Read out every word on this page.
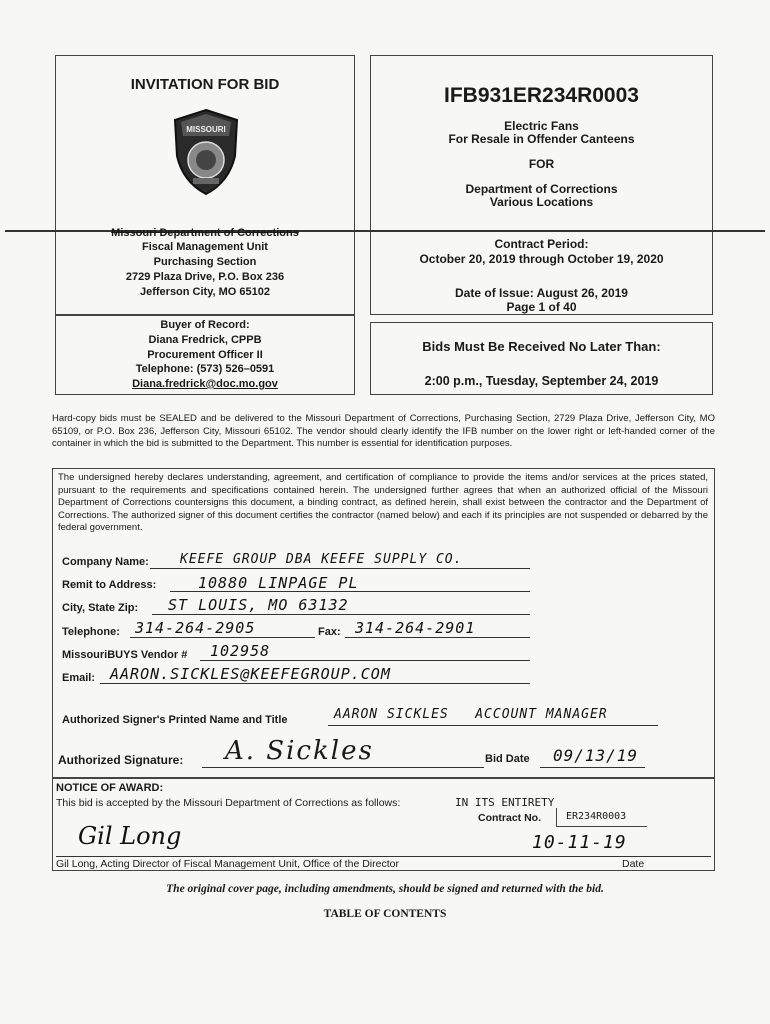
INVITATION FOR BID
MISSOURI
IFB931ER234R0003
Electric Fans
For Resale in Offender Canteens
FOR
Department of Corrections
Various Locations
Missouri Department of Corrections
Fiscal Management Unit
Purchasing Section
2729 Plaza Drive, P.O. Box 236
Jefferson City, MO 65102
Contract Period:
October 20, 2019 through October 19, 2020
Date of Issue: August 26, 2019
Page 1 of 40
Buyer of Record:
Diana Fredrick, CPPB
Procurement Officer II
Telephone: (573) 526–0591
Diana.fredrick@doc.mo.gov
Bids Must Be Received No Later Than:
2:00 p.m., Tuesday, September 24, 2019
Hard-copy bids must be SEALED and be delivered to the Missouri Department of Corrections, Purchasing Section, 2729 Plaza Drive, Jefferson City, MO 65109, or P.O. Box 236, Jefferson City, Missouri 65102. The vendor should clearly identify the IFB number on the lower right or left-handed corner of the container in which the bid is submitted to the Department. This number is essential for identification purposes.
The undersigned hereby declares understanding, agreement, and certification of compliance to provide the items and/or services at the prices stated, pursuant to the requirements and specifications contained herein. The undersigned further agrees that when an authorized official of the Missouri Department of Corrections countersigns this document, a binding contract, as defined herein, shall exist between the contractor and the Department of Corrections. The authorized signer of this document certifies the contractor (named below) and each if its principles are not suspended or debarred by the federal government.
Company Name: KEEFE GROUP DBA KEEFE SUPPLY CO.
Remit to Address:	10880 LINPAGE PL
City, State Zip: ST LOUIS, MO 63132
Telephone: 314-264-2905	Fax: 314-264-2901
MissouriBUYS Vendor # 102958
Email: AARON.SICKLES@KEEFEGROUP.COM
Authorized Signer's Printed Name and Title	AARON SICKLES   ACCOUNT MANAGER
Authorized Signature: A. Sickles	Bid Date 09/13/19
NOTICE OF AWARD:
This bid is accepted by the Missouri Department of Corrections as follows:	IN ITS ENTIRETY
Contract No.	ER234R0003
10-11-19
Gil Long
Gil Long, Acting Director of Fiscal Management Unit, Office of the Director	Date
The original cover page, including amendments, should be signed and returned with the bid.
TABLE OF CONTENTS
